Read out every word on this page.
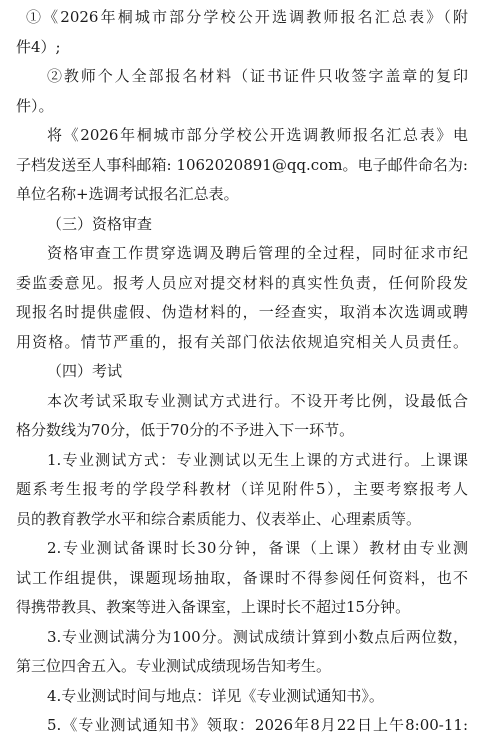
①《2026年桐城市部分学校公开选调教师报名汇总表》（附
件4）;
②教师个人全部报名材料（证书证件只收签字盖章的复印
件）。
将《2026年桐城市部分学校公开选调教师报名汇总表》电
子档发送至人事科邮箱: 1062020891@qq.com。电子邮件命名为:
单位名称+选调考试报名汇总表。
（三）资格审查
资格审查工作贯穿选调及聘后管理的全过程，同时征求市纪
委监委意见。报考人员应对提交材料的真实性负责，任何阶段发
现报名时提供虚假、伪造材料的，一经查实，取消本次选调或聘
用资格。情节严重的，报有关部门依法依规追究相关人员责任。
（四）考试
本次考试采取专业测试方式进行。不设开考比例，设最低合
格分数线为70分，低于70分的不予进入下一环节。
1.专业测试方式：专业测试以无生上课的方式进行。上课课
题系考生报考的学段学科教材（详见附件5），主要考察报考人
员的教育教学水平和综合素质能力、仪表举止、心理素质等。
2.专业测试备课时长30分钟，备课（上课）教材由专业测
试工作组提供，课题现场抽取，备课时不得参阅任何资料，也不
得携带教具、教案等进入备课室，上课时长不超过15分钟。
3.专业测试满分为100分。测试成绩计算到小数点后两位数，
第三位四舍五入。专业测试成绩现场告知考生。
4.专业测试时间与地点：详见《专业测试通知书》。
5.《专业测试通知书》领取：2026年8月22日上午8:00-11:
